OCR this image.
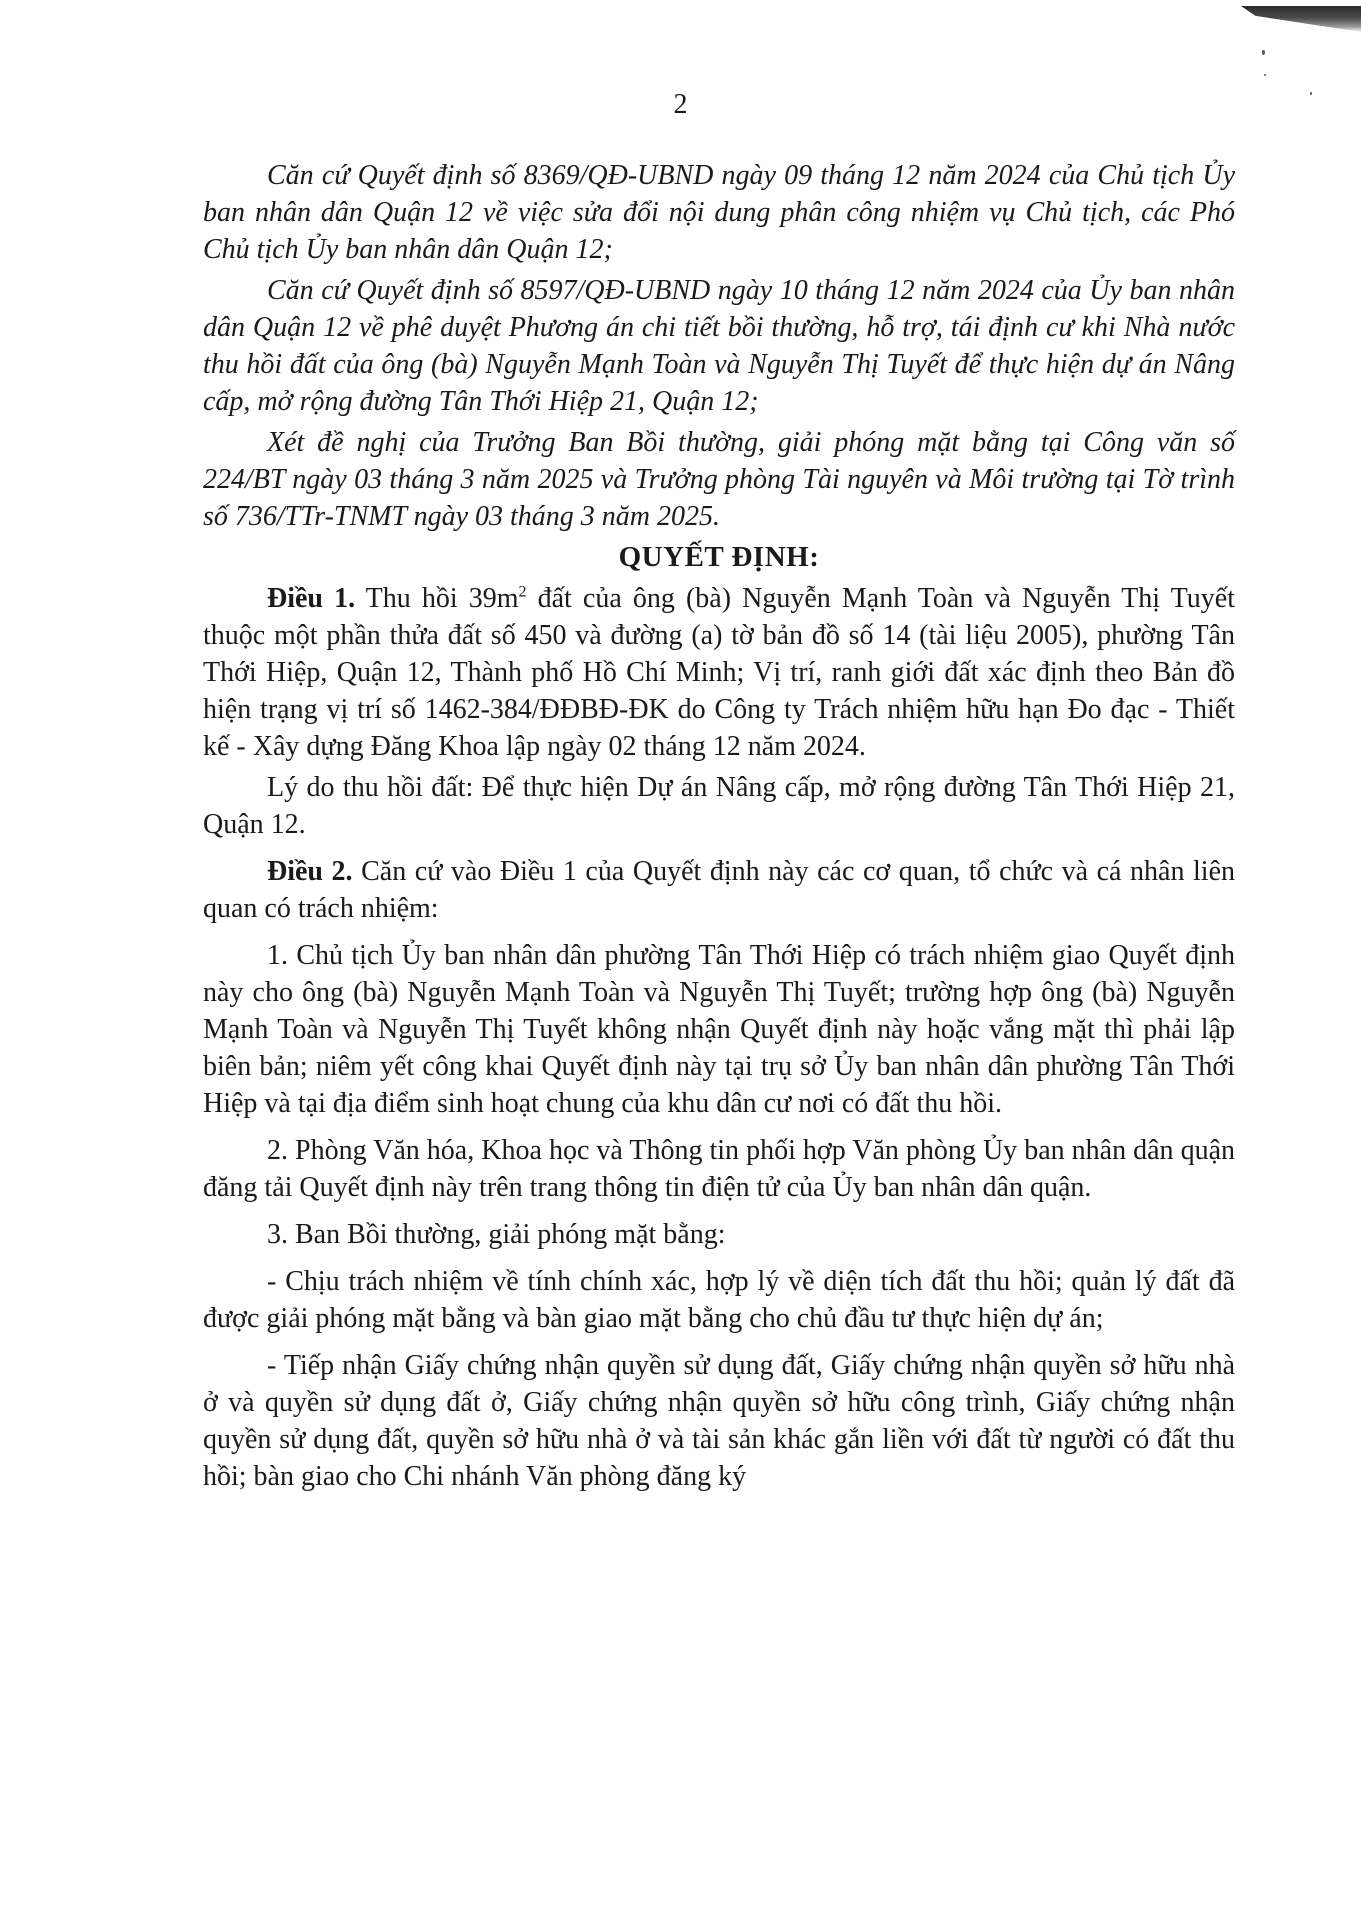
2

Căn cứ Quyết định số 8369/QĐ-UBND ngày 09 tháng 12 năm 2024 của Chủ tịch Ủy ban nhân dân Quận 12 về việc sửa đổi nội dung phân công nhiệm vụ Chủ tịch, các Phó Chủ tịch Ủy ban nhân dân Quận 12;

Căn cứ Quyết định số 8597/QĐ-UBND ngày 10 tháng 12 năm 2024 của Ủy ban nhân dân Quận 12 về phê duyệt Phương án chi tiết bồi thường, hỗ trợ, tái định cư khi Nhà nước thu hồi đất của ông (bà) Nguyễn Mạnh Toàn và Nguyễn Thị Tuyết để thực hiện dự án Nâng cấp, mở rộng đường Tân Thới Hiệp 21, Quận 12;

Xét đề nghị của Trưởng Ban Bồi thường, giải phóng mặt bằng tại Công văn số 224/BT ngày 03 tháng 3 năm 2025 và Trưởng phòng Tài nguyên và Môi trường tại Tờ trình số 736/TTr-TNMT ngày 03 tháng 3 năm 2025.

QUYẾT ĐỊNH:

Điều 1. Thu hồi $39m^2$ đất của ông (bà) Nguyễn Mạnh Toàn và Nguyễn Thị Tuyết thuộc một phần thửa đất số 450 và đường (a) tờ bản đồ số 14 (tài liệu 2005), phường Tân Thới Hiệp, Quận 12, Thành phố Hồ Chí Minh; Vị trí, ranh giới đất xác định theo Bản đồ hiện trạng vị trí số 1462-384/ĐĐBĐ-ĐK do Công ty Trách nhiệm hữu hạn Đo đạc - Thiết kế - Xây dựng Đăng Khoa lập ngày 02 tháng 12 năm 2024.

Lý do thu hồi đất: Để thực hiện Dự án Nâng cấp, mở rộng đường Tân Thới Hiệp 21, Quận 12.

Điều 2. Căn cứ vào Điều 1 của Quyết định này các cơ quan, tổ chức và cá nhân liên quan có trách nhiệm:

1. Chủ tịch Ủy ban nhân dân phường Tân Thới Hiệp có trách nhiệm giao Quyết định này cho ông (bà) Nguyễn Mạnh Toàn và Nguyễn Thị Tuyết; trường hợp ông (bà) Nguyễn Mạnh Toàn và Nguyễn Thị Tuyết không nhận Quyết định này hoặc vắng mặt thì phải lập biên bản; niêm yết công khai Quyết định này tại trụ sở Ủy ban nhân dân phường Tân Thới Hiệp và tại địa điểm sinh hoạt chung của khu dân cư nơi có đất thu hồi.

2. Phòng Văn hóa, Khoa học và Thông tin phối hợp Văn phòng Ủy ban nhân dân quận đăng tải Quyết định này trên trang thông tin điện tử của Ủy ban nhân dân quận.

3. Ban Bồi thường, giải phóng mặt bằng:

- Chịu trách nhiệm về tính chính xác, hợp lý về diện tích đất thu hồi; quản lý đất đã được giải phóng mặt bằng và bàn giao mặt bằng cho chủ đầu tư thực hiện dự án;

- Tiếp nhận Giấy chứng nhận quyền sử dụng đất, Giấy chứng nhận quyền sở hữu nhà ở và quyền sử dụng đất ở, Giấy chứng nhận quyền sở hữu công trình, Giấy chứng nhận quyền sử dụng đất, quyền sở hữu nhà ở và tài sản khác gắn liền với đất từ người có đất thu hồi; bàn giao cho Chi nhánh Văn phòng đăng ký
